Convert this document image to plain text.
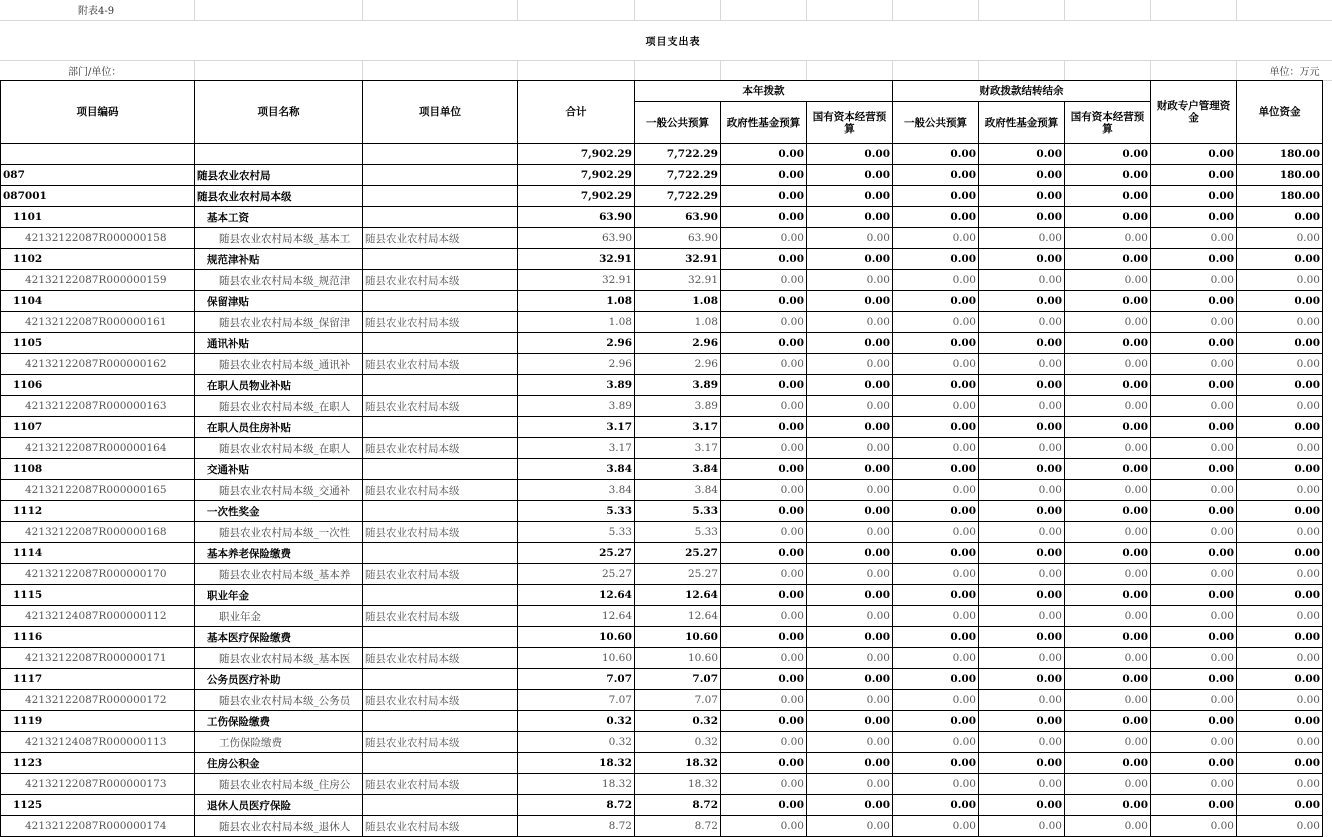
附表4-9											
项目支出表											
部门/单位：											单位：万元
项目编码	项目名称	项目单位	合计	本年拨款			财政拨款结转结余			财政专户管理资金	单位资金
				一般公共预算	政府性基金预算	国有资本经营预算	一般公共预算	政府性基金预算	国有资本经营预算		
			7,902.29	7,722.29	0.00	0.00	0.00	0.00	0.00	0.00	180.00
087	随县农业农村局		7,902.29	7,722.29	0.00	0.00	0.00	0.00	0.00	0.00	180.00
087001	随县农业农村局本级		7,902.29	7,722.29	0.00	0.00	0.00	0.00	0.00	0.00	180.00
1101	基本工资		63.90	63.90	0.00	0.00	0.00	0.00	0.00	0.00	0.00
42132122087R000000158	随县农业农村局本级_基本工	随县农业农村局本级	63.90	63.90	0.00	0.00	0.00	0.00	0.00	0.00	0.00
1102	规范津补贴		32.91	32.91	0.00	0.00	0.00	0.00	0.00	0.00	0.00
42132122087R000000159	随县农业农村局本级_规范津	随县农业农村局本级	32.91	32.91	0.00	0.00	0.00	0.00	0.00	0.00	0.00
1104	保留津贴		1.08	1.08	0.00	0.00	0.00	0.00	0.00	0.00	0.00
42132122087R000000161	随县农业农村局本级_保留津	随县农业农村局本级	1.08	1.08	0.00	0.00	0.00	0.00	0.00	0.00	0.00
1105	通讯补贴		2.96	2.96	0.00	0.00	0.00	0.00	0.00	0.00	0.00
42132122087R000000162	随县农业农村局本级_通讯补	随县农业农村局本级	2.96	2.96	0.00	0.00	0.00	0.00	0.00	0.00	0.00
1106	在职人员物业补贴		3.89	3.89	0.00	0.00	0.00	0.00	0.00	0.00	0.00
42132122087R000000163	随县农业农村局本级_在职人	随县农业农村局本级	3.89	3.89	0.00	0.00	0.00	0.00	0.00	0.00	0.00
1107	在职人员住房补贴		3.17	3.17	0.00	0.00	0.00	0.00	0.00	0.00	0.00
42132122087R000000164	随县农业农村局本级_在职人	随县农业农村局本级	3.17	3.17	0.00	0.00	0.00	0.00	0.00	0.00	0.00
1108	交通补贴		3.84	3.84	0.00	0.00	0.00	0.00	0.00	0.00	0.00
42132122087R000000165	随县农业农村局本级_交通补	随县农业农村局本级	3.84	3.84	0.00	0.00	0.00	0.00	0.00	0.00	0.00
1112	一次性奖金		5.33	5.33	0.00	0.00	0.00	0.00	0.00	0.00	0.00
42132122087R000000168	随县农业农村局本级_一次性	随县农业农村局本级	5.33	5.33	0.00	0.00	0.00	0.00	0.00	0.00	0.00
1114	基本养老保险缴费		25.27	25.27	0.00	0.00	0.00	0.00	0.00	0.00	0.00
42132122087R000000170	随县农业农村局本级_基本养	随县农业农村局本级	25.27	25.27	0.00	0.00	0.00	0.00	0.00	0.00	0.00
1115	职业年金		12.64	12.64	0.00	0.00	0.00	0.00	0.00	0.00	0.00
42132124087R000000112	职业年金	随县农业农村局本级	12.64	12.64	0.00	0.00	0.00	0.00	0.00	0.00	0.00
1116	基本医疗保险缴费		10.60	10.60	0.00	0.00	0.00	0.00	0.00	0.00	0.00
42132122087R000000171	随县农业农村局本级_基本医	随县农业农村局本级	10.60	10.60	0.00	0.00	0.00	0.00	0.00	0.00	0.00
1117	公务员医疗补助		7.07	7.07	0.00	0.00	0.00	0.00	0.00	0.00	0.00
42132122087R000000172	随县农业农村局本级_公务员	随县农业农村局本级	7.07	7.07	0.00	0.00	0.00	0.00	0.00	0.00	0.00
1119	工伤保险缴费		0.32	0.32	0.00	0.00	0.00	0.00	0.00	0.00	0.00
42132124087R000000113	工伤保险缴费	随县农业农村局本级	0.32	0.32	0.00	0.00	0.00	0.00	0.00	0.00	0.00
1123	住房公积金		18.32	18.32	0.00	0.00	0.00	0.00	0.00	0.00	0.00
42132122087R000000173	随县农业农村局本级_住房公	随县农业农村局本级	18.32	18.32	0.00	0.00	0.00	0.00	0.00	0.00	0.00
1125	退休人员医疗保险		8.72	8.72	0.00	0.00	0.00	0.00	0.00	0.00	0.00
42132122087R000000174	随县农业农村局本级_退休人	随县农业农村局本级	8.72	8.72	0.00	0.00	0.00	0.00	0.00	0.00	0.00
